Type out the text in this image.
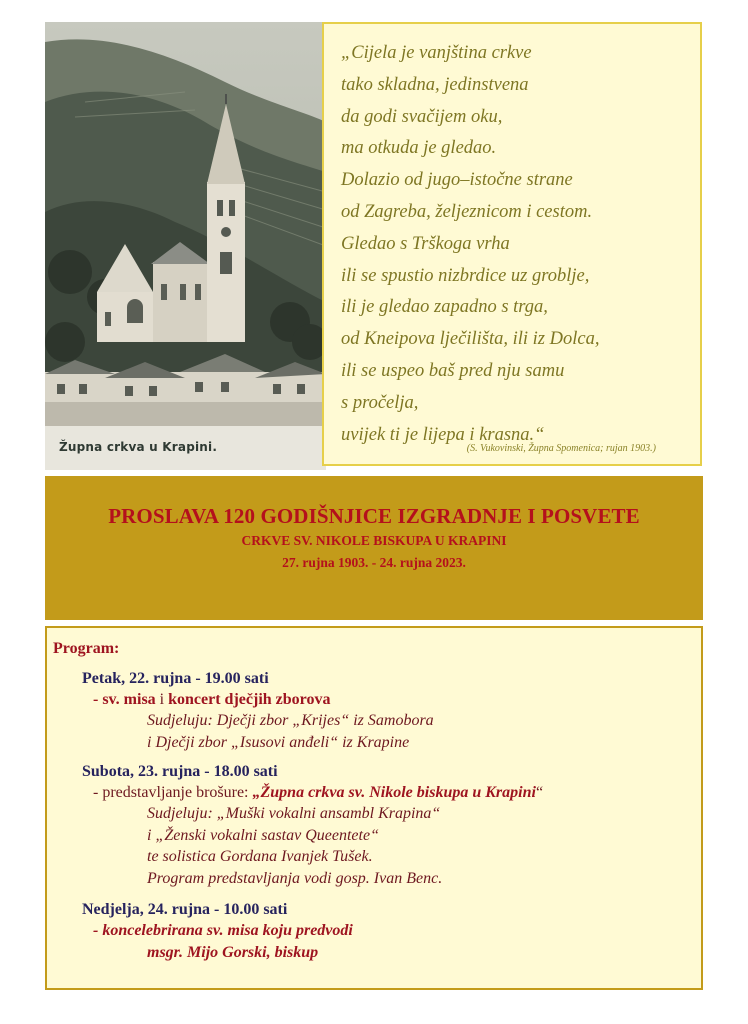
Župna crkva u Krapini.
„Cijela je vanjština crkve
tako skladna, jedinstvena
da godi svačijem oku,
ma otkuda je gledao.
Dolazio od jugo–istočne strane
od Zagreba, željeznicom i cestom.
Gledao s Trškoga vrha
ili se spustio nizbrdice uz groblje,
ili je gledao zapadno s trga,
od Kneipova lječilišta, ili iz Dolca,
ili se uspeo baš pred nju samu
s pročelja,
uvijek ti je lijepa i krasna.“
(S. Vukovinski, Župna Spomenica; rujan 1903.)
PROSLAVA 120 GODIŠNJICE IZGRADNJE I POSVETE
CRKVE SV. NIKOLE BISKUPA U KRAPINI
27. rujna 1903. - 24. rujna 2023.
Program:
Petak, 22. rujna - 19.00 sati
- sv. misa i koncert dječjih zborova
Sudjeluju: Dječji zbor „Krijes“ iz Samobora
i Dječji zbor „Isusovi anđeli“ iz Krapine
Subota, 23. rujna - 18.00 sati
- predstavljanje brošure: „Župna crkva sv. Nikole biskupa u Krapini“
Sudjeluju: „Muški vokalni ansambl Krapina“
i „Ženski vokalni sastav Queentete“
te solistica Gordana Ivanjek Tušek.
Program predstavljanja vodi gosp. Ivan Benc.
Nedjelja, 24. rujna - 10.00 sati
- koncelebrirana sv. misa koju predvodi
msgr. Mijo Gorski, biskup
